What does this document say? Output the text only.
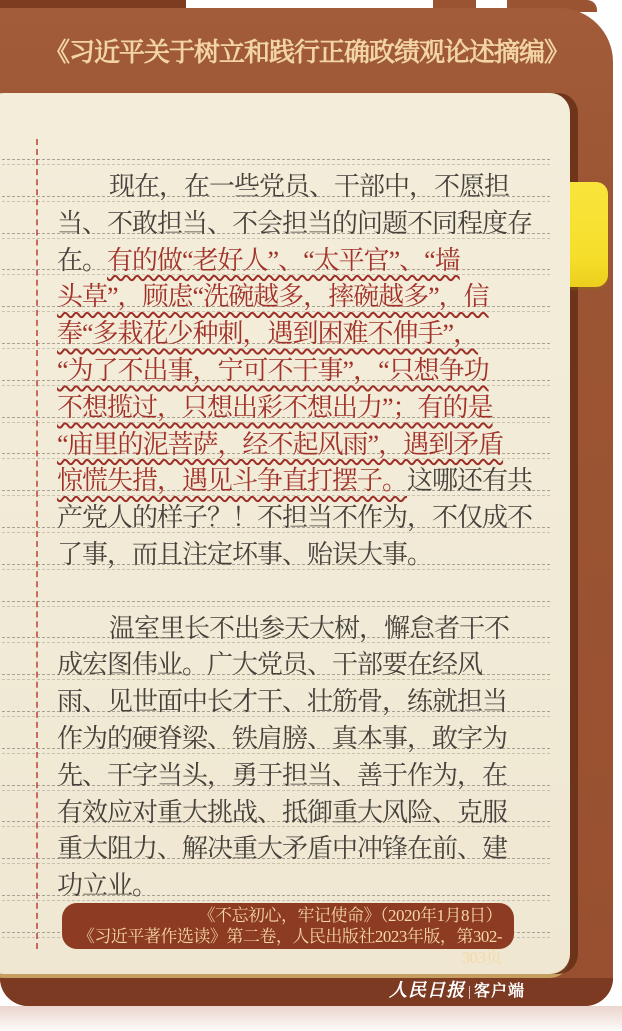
《习近平关于树立和践行正确政绩观论述摘编》
现在，在一些党员、干部中，不愿担
当、不敢担当、不会担当的问题不同程度存
在。有的做“老好人”、“太平官”、“墙
头草”，顾虑“洗碗越多，摔碗越多”，信
奉“多栽花少种刺，遇到困难不伸手”，
“为了不出事，宁可不干事”，“只想争功
不想揽过，只想出彩不想出力”；有的是
“庙里的泥菩萨，经不起风雨”，遇到矛盾
惊慌失措，遇见斗争直打摆子。这哪还有共
产党人的样子？！不担当不作为，不仅成不
了事，而且注定坏事、贻误大事。
温室里长不出参天大树，懈怠者干不
成宏图伟业。广大党员、干部要在经风
雨、见世面中长才干、壮筋骨，练就担当
作为的硬脊梁、铁肩膀、真本事，敢字为
先、干字当头，勇于担当、善于作为，在
有效应对重大挑战、抵御重大风险、克服
重大阻力、解决重大矛盾中冲锋在前、建
功立业。
《不忘初心，牢记使命》（2020年1月8日）
《习近平著作选读》第二卷，人民出版社2023年版，第302-303页
人民日报 | 客户端
